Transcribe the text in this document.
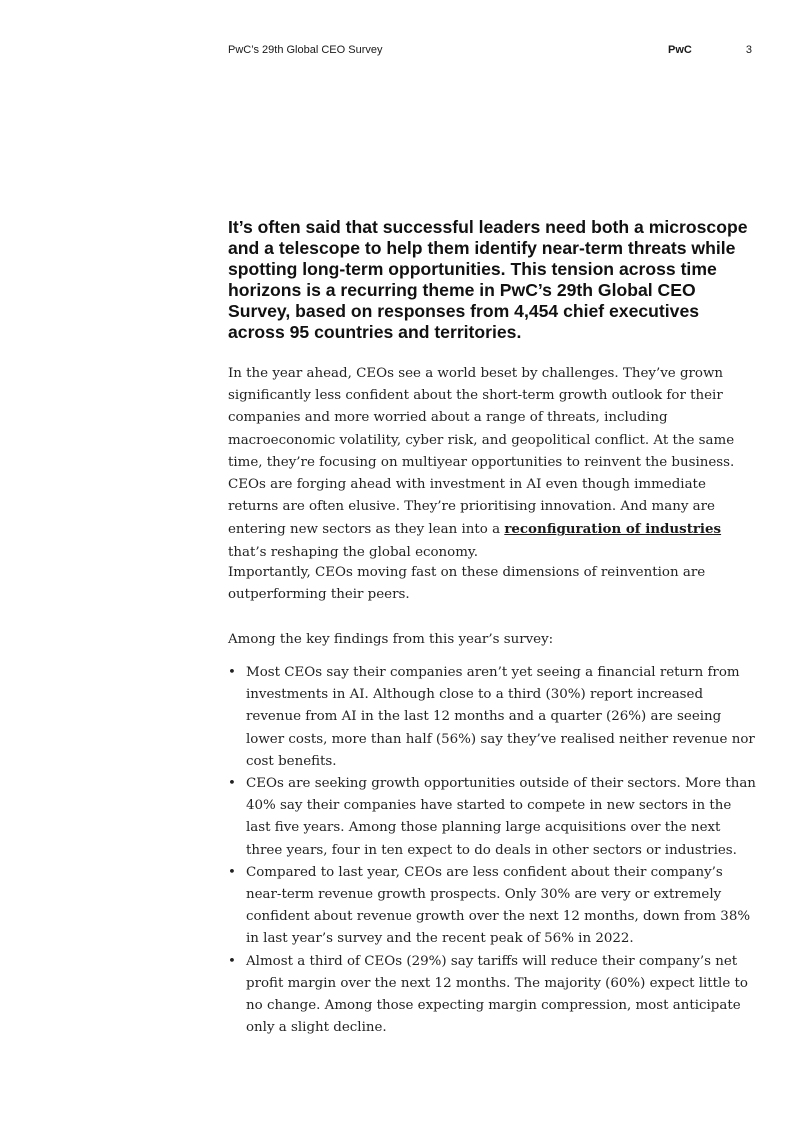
PwC’s 29th Global CEO Survey	PwC	3

It’s often said that successful leaders need both a microscope and a telescope to help them identify near-term threats while spotting long-term opportunities. This tension across time horizons is a recurring theme in PwC’s 29th Global CEO Survey, based on responses from 4,454 chief executives across 95 countries and territories.

In the year ahead, CEOs see a world beset by challenges. They’ve grown significantly less confident about the short-term growth outlook for their companies and more worried about a range of threats, including macroeconomic volatility, cyber risk, and geopolitical conflict. At the same time, they’re focusing on multiyear opportunities to reinvent the business. CEOs are forging ahead with investment in AI even though immediate returns are often elusive. They’re prioritising innovation. And many are entering new sectors as they lean into a reconfiguration of industries that’s reshaping the global economy.

Importantly, CEOs moving fast on these dimensions of reinvention are outperforming their peers.

Among the key findings from this year’s survey:

• Most CEOs say their companies aren’t yet seeing a financial return from investments in AI. Although close to a third (30%) report increased revenue from AI in the last 12 months and a quarter (26%) are seeing lower costs, more than half (56%) say they’ve realised neither revenue nor cost benefits.
• CEOs are seeking growth opportunities outside of their sectors. More than 40% say their companies have started to compete in new sectors in the last five years. Among those planning large acquisitions over the next three years, four in ten expect to do deals in other sectors or industries.
• Compared to last year, CEOs are less confident about their company’s near-term revenue growth prospects. Only 30% are very or extremely confident about revenue growth over the next 12 months, down from 38% in last year’s survey and the recent peak of 56% in 2022.
• Almost a third of CEOs (29%) say tariffs will reduce their company’s net profit margin over the next 12 months. The majority (60%) expect little to no change. Among those expecting margin compression, most anticipate only a slight decline.
